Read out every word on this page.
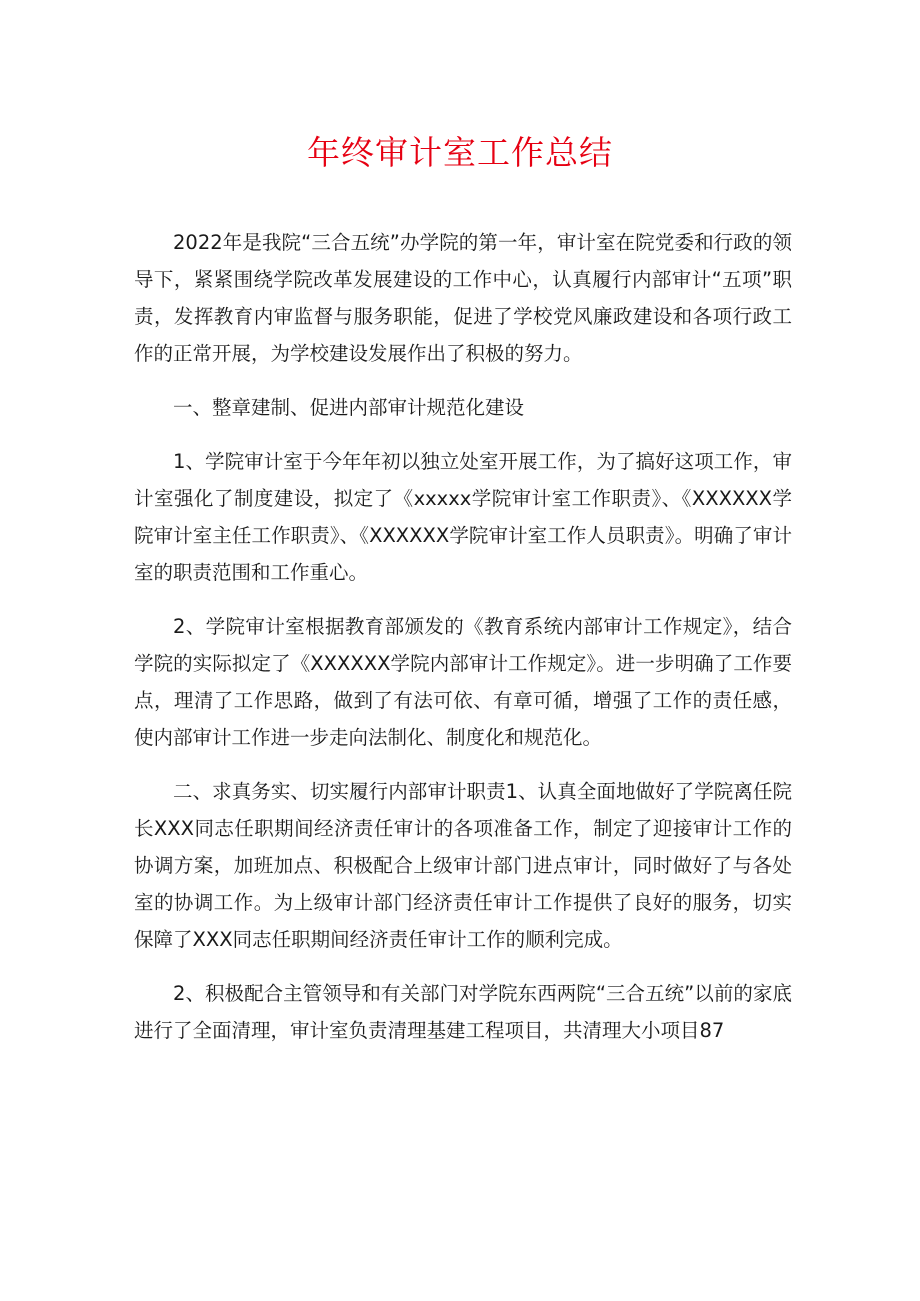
年终审计室工作总结

2022年是我院“三合五统”办学院的第一年，审计室在院党委和行政的领导下，紧紧围绕学院改革发展建设的工作中心，认真履行内部审计“五项”职责，发挥教育内审监督与服务职能，促进了学校党风廉政建设和各项行政工作的正常开展，为学校建设发展作出了积极的努力。

一、整章建制、促进内部审计规范化建设

1、学院审计室于今年年初以独立处室开展工作，为了搞好这项工作，审计室强化了制度建设，拟定了《xxxxx学院审计室工作职责》、《XXXXXX学院审计室主任工作职责》、《XXXXXX学院审计室工作人员职责》。明确了审计室的职责范围和工作重心。

2、学院审计室根据教育部颁发的《教育系统内部审计工作规定》，结合学院的实际拟定了《XXXXXX学院内部审计工作规定》。进一步明确了工作要点，理清了工作思路，做到了有法可依、有章可循，增强了工作的责任感，使内部审计工作进一步走向法制化、制度化和规范化。

二、求真务实、切实履行内部审计职责1、认真全面地做好了学院离任院长XXX同志任职期间经济责任审计的各项准备工作，制定了迎接审计工作的协调方案，加班加点、积极配合上级审计部门进点审计，同时做好了与各处室的协调工作。为上级审计部门经济责任审计工作提供了良好的服务，切实保障了XXX同志任职期间经济责任审计工作的顺利完成。

2、积极配合主管领导和有关部门对学院东西两院“三合五统”以前的家底进行了全面清理，审计室负责清理基建工程项目，共清理大小项目87
